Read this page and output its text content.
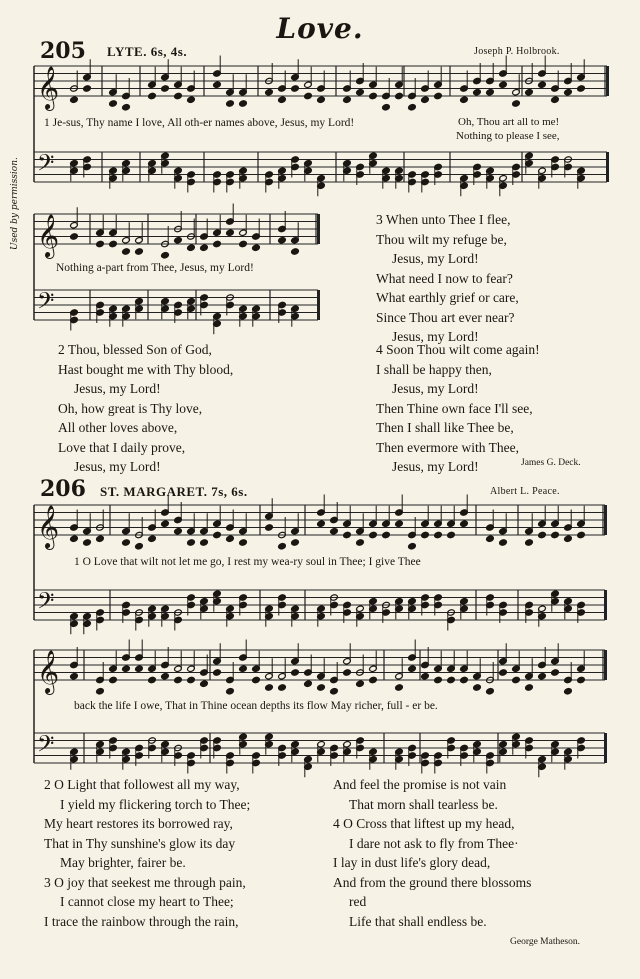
Love.
205 LYTE. 6s, 4s.	Joseph P. Holbrook.
Used by permission.
𝄞
𝄢
𝄞
𝄢
𝄞
𝄢
𝄞
𝄢
1 Je-sus, Thy name I love, All oth-er names above, Jesus, my Lord!	Oh, Thou art all to me!
Nothing to please I see,
Nothing a-part from Thee, Jesus, my Lord!
2 Thou, blessed Son of God,
Hast bought me with Thy blood,
Jesus, my Lord!
Oh, how great is Thy love,
All other loves above,
Love that I daily prove,
Jesus, my Lord!
3 When unto Thee I flee,
Thou wilt my refuge be,
Jesus, my Lord!
What need I now to fear?
What earthly grief or care,
Since Thou art ever near?
Jesus, my Lord!
4 Soon Thou wilt come again!
I shall be happy then,
Jesus, my Lord!
Then Thine own face I'll see,
Then I shall like Thee be,
Then evermore with Thee,
Jesus, my Lord!	James G. Deck.
206 ST. MARGARET. 7s, 6s.	Albert L. Peace.
1 O Love that wilt not let me go, I rest my wea-ry soul in Thee; I give Thee
back the life I owe, That in Thine ocean depths its flow May richer, full - er be.
2 O Light that followest all my way,
I yield my flickering torch to Thee;
My heart restores its borrowed ray,
That in Thy sunshine's glow its day
May brighter, fairer be.
3 O joy that seekest me through pain,
I cannot close my heart to Thee;
I trace the rainbow through the rain,
And feel the promise is not vain
That morn shall tearless be.
4 O Cross that liftest up my head,
I dare not ask to fly from Thee·
I lay in dust life's glory dead,
And from the ground there blossoms
red
Life that shall endless be.
George Matheson.
